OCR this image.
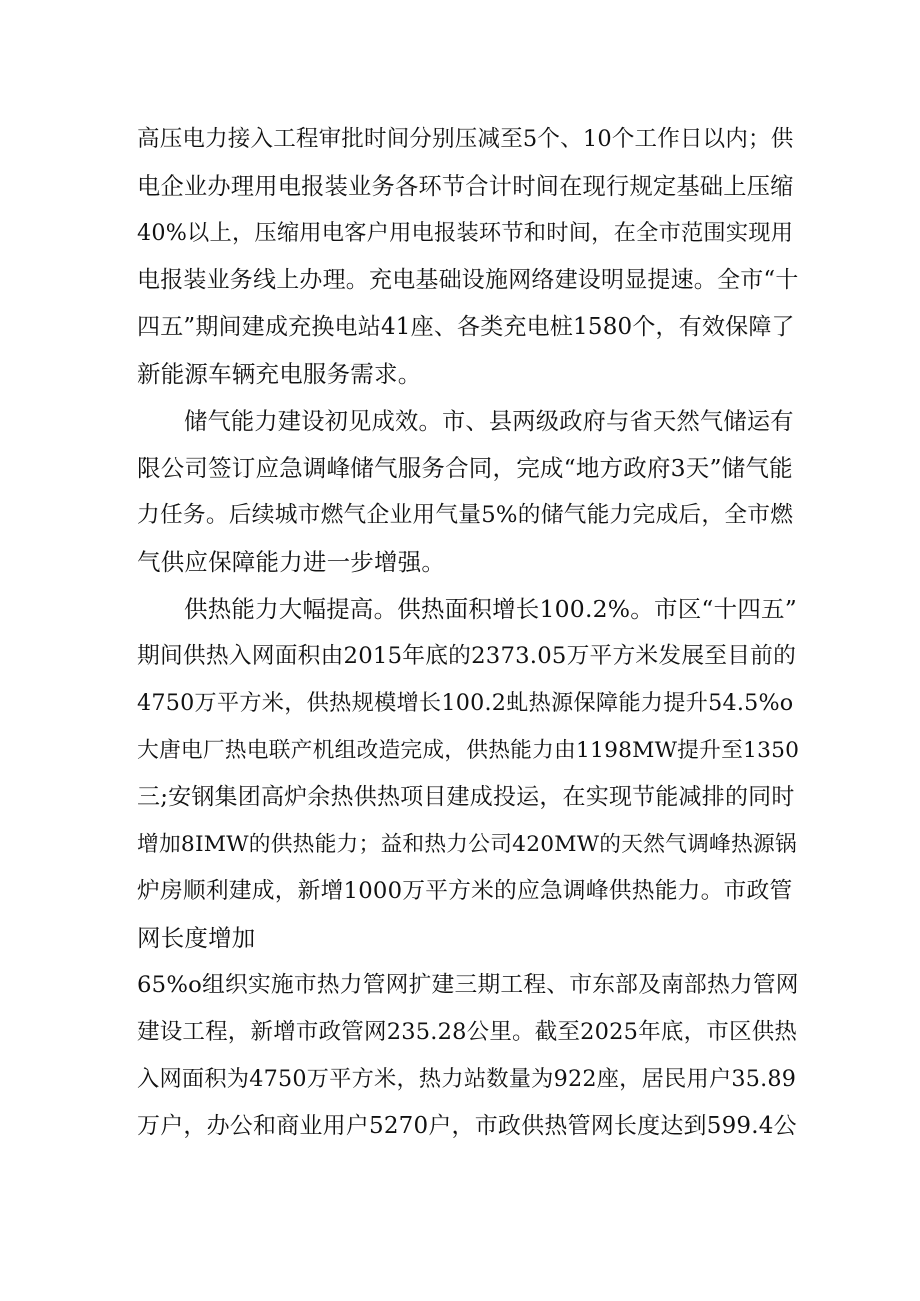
高压电力接入工程审批时间分别压减至5个、10个工作日以内；供
电企业办理用电报装业务各环节合计时间在现行规定基础上压缩
40%以上，压缩用电客户用电报装环节和时间，在全市范围实现用
电报装业务线上办理。充电基础设施网络建设明显提速。全市“十
四五”期间建成充换电站41座、各类充电桩1580个，有效保障了
新能源车辆充电服务需求。
储气能力建设初见成效。市、县两级政府与省天然气储运有
限公司签订应急调峰储气服务合同，完成“地方政府3天”储气能
力任务。后续城市燃气企业用气量5%的储气能力完成后，全市燃
气供应保障能力进一步增强。
供热能力大幅提高。供热面积增长100.2%。市区“十四五”
期间供热入网面积由2015年底的2373.05万平方米发展至目前的
4750万平方米，供热规模增长100.2虬热源保障能力提升54.5%o
大唐电厂热电联产机组改造完成，供热能力由1198MW提升至1350
三;安钢集团高炉余热供热项目建成投运，在实现节能减排的同时
增加8IMW的供热能力；益和热力公司420MW的天然气调峰热源锅
炉房顺利建成，新增1000万平方米的应急调峰供热能力。市政管
网长度增加
65%o组织实施市热力管网扩建三期工程、市东部及南部热力管网
建设工程，新增市政管网235.28公里。截至2025年底，市区供热
入网面积为4750万平方米，热力站数量为922座，居民用户35.89
万户，办公和商业用户5270户，市政供热管网长度达到599.4公
